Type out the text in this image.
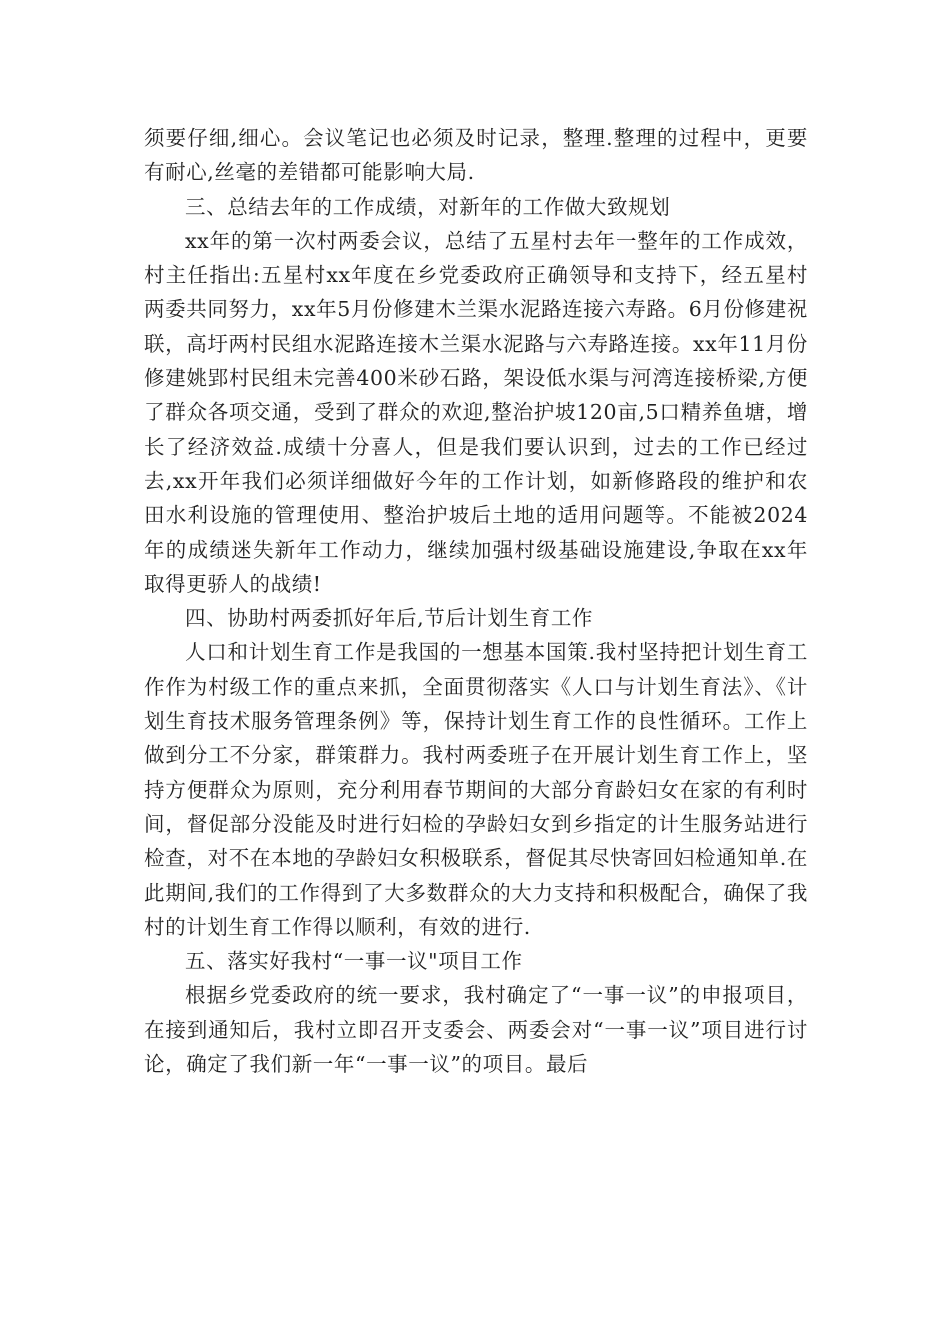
须要仔细,细心。会议笔记也必须及时记录，整理.整理的过程中，更要有耐心,丝毫的差错都可能影响大局.

三、总结去年的工作成绩，对新年的工作做大致规划

xx年的第一次村两委会议，总结了五星村去年一整年的工作成效，村主任指出:五星村xx年度在乡党委政府正确领导和支持下，经五星村两委共同努力，xx年5月份修建木兰渠水泥路连接六寿路。6月份修建祝联，高圩两村民组水泥路连接木兰渠水泥路与六寿路连接。xx年11月份修建姚郢村民组未完善400米砂石路，架设低水渠与河湾连接桥梁,方便了群众各项交通，受到了群众的欢迎,整治护坡120亩,5口精养鱼塘，增长了经济效益.成绩十分喜人，但是我们要认识到，过去的工作已经过去,xx开年我们必须详细做好今年的工作计划，如新修路段的维护和农田水利设施的管理使用、整治护坡后土地的适用问题等。不能被2024年的成绩迷失新年工作动力，继续加强村级基础设施建设,争取在xx年取得更骄人的战绩!

四、协助村两委抓好年后,节后计划生育工作

人口和计划生育工作是我国的一想基本国策.我村坚持把计划生育工作作为村级工作的重点来抓，全面贯彻落实《人口与计划生育法》、《计划生育技术服务管理条例》等，保持计划生育工作的良性循环。工作上做到分工不分家，群策群力。我村两委班子在开展计划生育工作上，坚持方便群众为原则，充分利用春节期间的大部分育龄妇女在家的有利时间，督促部分没能及时进行妇检的孕龄妇女到乡指定的计生服务站进行检查，对不在本地的孕龄妇女积极联系，督促其尽快寄回妇检通知单.在此期间,我们的工作得到了大多数群众的大力支持和积极配合，确保了我村的计划生育工作得以顺利，有效的进行.

五、落实好我村“一事一议"项目工作

根据乡党委政府的统一要求，我村确定了“一事一议”的申报项目，在接到通知后，我村立即召开支委会、两委会对“一事一议”项目进行讨论，确定了我们新一年“一事一议”的项目。最后
